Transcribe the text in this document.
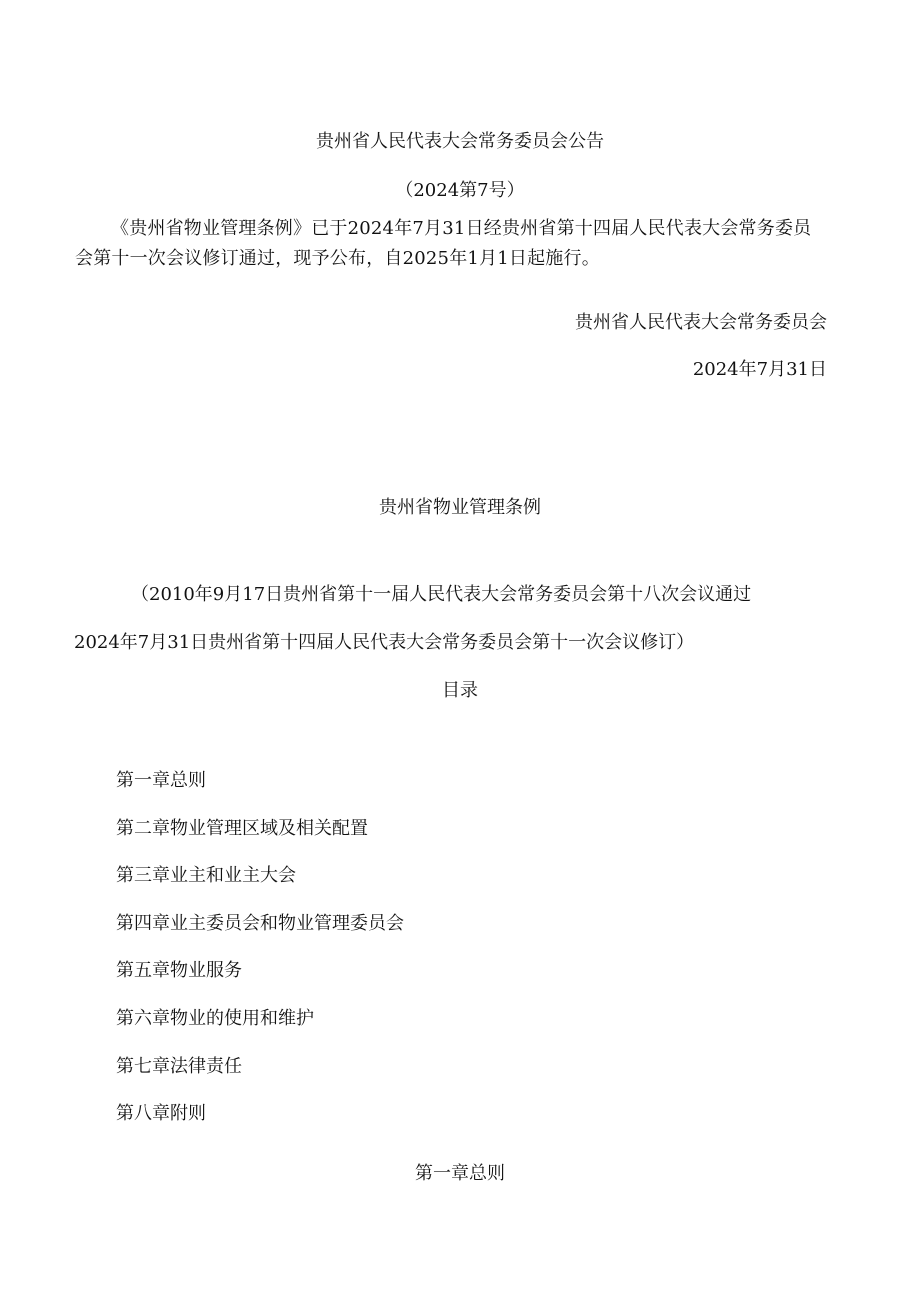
贵州省人民代表大会常务委员会公告

（2024第7号）

《贵州省物业管理条例》已于2024年7月31日经贵州省第十四届人民代表大会常务委员会第十一次会议修订通过，现予公布，自2025年1月1日起施行。

贵州省人民代表大会常务委员会

2024年7月31日

贵州省物业管理条例

（2010年9月17日贵州省第十一届人民代表大会常务委员会第十八次会议通过

2024年7月31日贵州省第十四届人民代表大会常务委员会第十一次会议修订）

目录

第一章总则
第二章物业管理区域及相关配置
第三章业主和业主大会
第四章业主委员会和物业管理委员会
第五章物业服务
第六章物业的使用和维护
第七章法律责任
第八章附则

第一章总则
